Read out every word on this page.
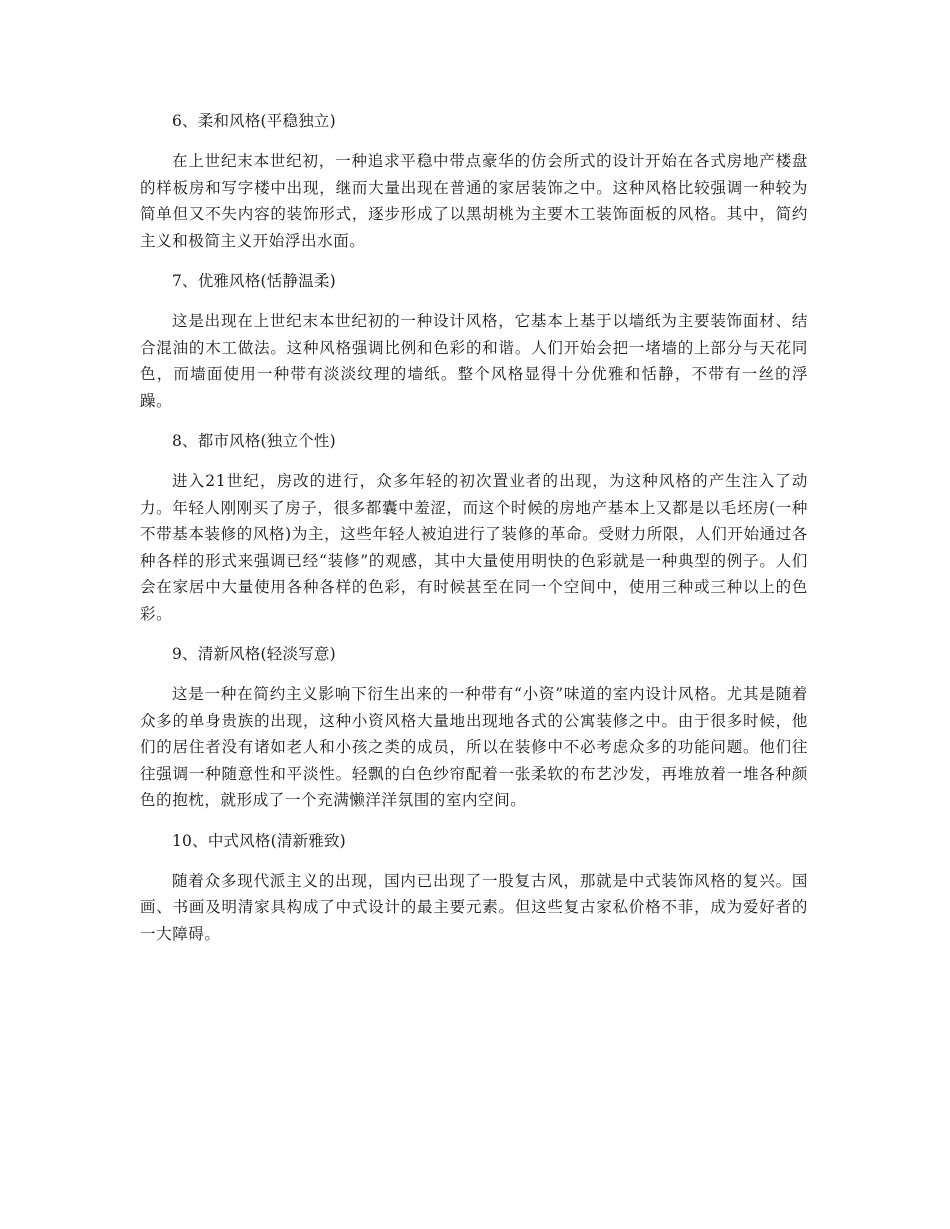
6、柔和风格(平稳独立)

在上世纪末本世纪初，一种追求平稳中带点豪华的仿会所式的设计开始在各式房地产楼盘的样板房和写字楼中出现，继而大量出现在普通的家居装饰之中。这种风格比较强调一种较为简单但又不失内容的装饰形式，逐步形成了以黑胡桃为主要木工装饰面板的风格。其中，简约主义和极简主义开始浮出水面。

7、优雅风格(恬静温柔)

这是出现在上世纪末本世纪初的一种设计风格，它基本上基于以墙纸为主要装饰面材、结合混油的木工做法。这种风格强调比例和色彩的和谐。人们开始会把一堵墙的上部分与天花同色，而墙面使用一种带有淡淡纹理的墙纸。整个风格显得十分优雅和恬静，不带有一丝的浮躁。

8、都市风格(独立个性)

进入21世纪，房改的进行，众多年轻的初次置业者的出现，为这种风格的产生注入了动力。年轻人刚刚买了房子，很多都囊中羞涩，而这个时候的房地产基本上又都是以毛坯房(一种不带基本装修的风格)为主，这些年轻人被迫进行了装修的革命。受财力所限，人们开始通过各种各样的形式来强调已经“装修”的观感，其中大量使用明快的色彩就是一种典型的例子。人们会在家居中大量使用各种各样的色彩，有时候甚至在同一个空间中，使用三种或三种以上的色彩。

9、清新风格(轻淡写意)

这是一种在简约主义影响下衍生出来的一种带有“小资”味道的室内设计风格。尤其是随着众多的单身贵族的出现，这种小资风格大量地出现地各式的公寓装修之中。由于很多时候，他们的居住者没有诸如老人和小孩之类的成员，所以在装修中不必考虑众多的功能问题。他们往往强调一种随意性和平淡性。轻飘的白色纱帘配着一张柔软的布艺沙发，再堆放着一堆各种颜色的抱枕，就形成了一个充满懒洋洋氛围的室内空间。

10、中式风格(清新雅致)

随着众多现代派主义的出现，国内已出现了一股复古风，那就是中式装饰风格的复兴。国画、书画及明清家具构成了中式设计的最主要元素。但这些复古家私价格不菲，成为爱好者的一大障碍。
